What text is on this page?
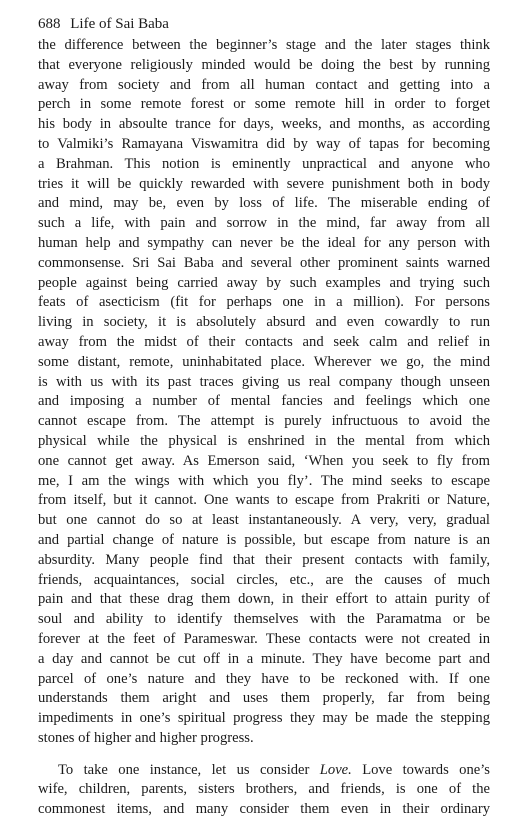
688 Life of Sai Baba
the difference between the beginner’s stage and the later stages think
that everyone religiously minded would be doing the best by running
away from society and from all human contact and getting into a
perch in some remote forest or some remote hill in order to forget
his body in absoulte trance for days, weeks, and months, as according
to Valmiki’s Ramayana Viswamitra did by way of tapas for becoming
a Brahman. This notion is eminently unpractical and anyone who
tries it will be quickly rewarded with severe punishment both in body
and mind, may be, even by loss of life. The miserable ending of
such a life, with pain and sorrow in the mind, far away from all
human help and sympathy can never be the ideal for any person with
commonsense. Sri Sai Baba and several other prominent saints warned
people against being carried away by such examples and trying such
feats of asecticism (fit for perhaps one in a million). For persons
living in society, it is absolutely absurd and even cowardly to run
away from the midst of their contacts and seek calm and relief in
some distant, remote, uninhabitated place. Wherever we go, the mind
is with us with its past traces giving us real company though unseen
and imposing a number of mental fancies and feelings which one
cannot escape from. The attempt is purely infructuous to avoid the
physical while the physical is enshrined in the mental from which
one cannot get away. As Emerson said, ‘When you seek to fly from
me, I am the wings with which you fly’. The mind seeks to escape
from itself, but it cannot. One wants to escape from Prakriti or Nature,
but one cannot do so at least instantaneously. A very, very, gradual
and partial change of nature is possible, but escape from nature is an
absurdity. Many people find that their present contacts with family,
friends, acquaintances, social circles, etc., are the causes of much
pain and that these drag them down, in their effort to attain purity of
soul and ability to identify themselves with the Paramatma or be
forever at the feet of Parameswar. These contacts were not created in
a day and cannot be cut off in a minute. They have become part and
parcel of one’s nature and they have to be reckoned with. If one
understands them aright and uses them properly, far from being
impediments in one’s spiritual progress they may be made the stepping
stones of higher and higher progress.
To take one instance, let us consider Love. Love towards one’s
wife, children, parents, sisters brothers, and friends, is one of the
commonest items, and many consider them even in their ordinary
